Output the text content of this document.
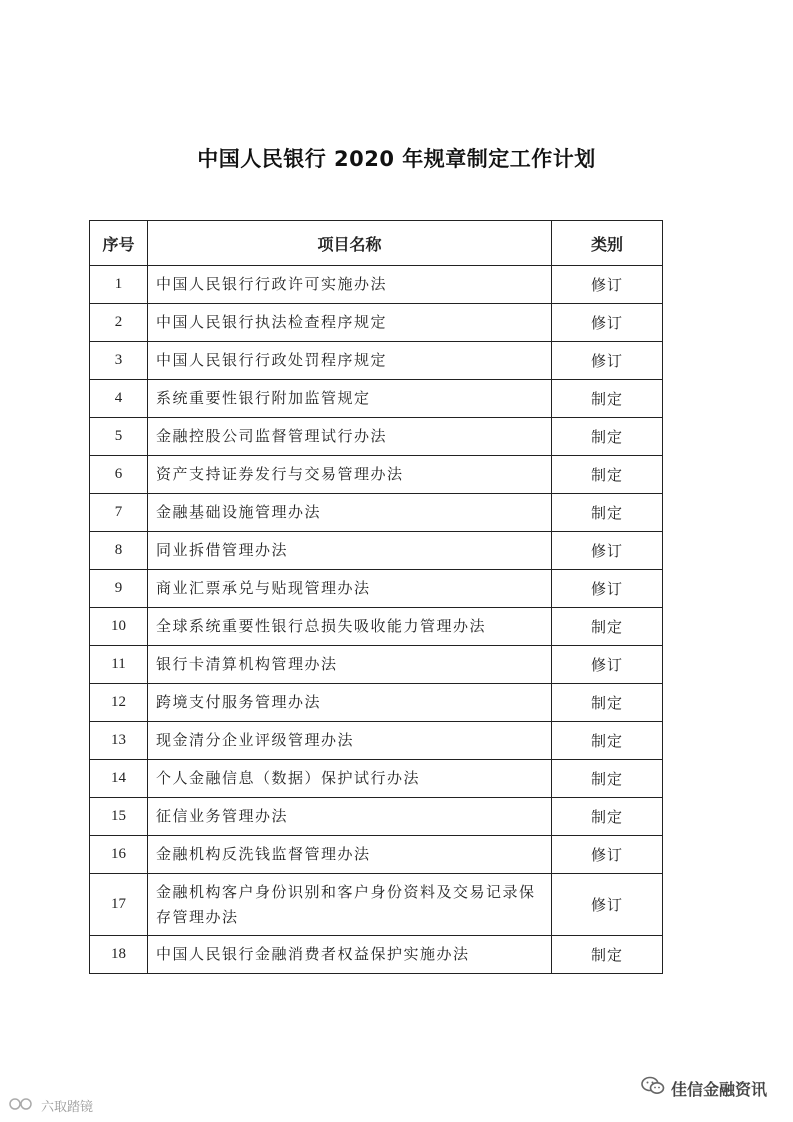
中国人民银行 2020 年规章制定工作计划
序号	项目名称	类别
1	中国人民银行行政许可实施办法	修订
2	中国人民银行执法检查程序规定	修订
3	中国人民银行行政处罚程序规定	修订
4	系统重要性银行附加监管规定	制定
5	金融控股公司监督管理试行办法	制定
6	资产支持证券发行与交易管理办法	制定
7	金融基础设施管理办法	制定
8	同业拆借管理办法	修订
9	商业汇票承兑与贴现管理办法	修订
10	全球系统重要性银行总损失吸收能力管理办法	制定
11	银行卡清算机构管理办法	修订
12	跨境支付服务管理办法	制定
13	现金清分企业评级管理办法	制定
14	个人金融信息（数据）保护试行办法	制定
15	征信业务管理办法	制定
16	金融机构反洗钱监督管理办法	修订
17	金融机构客户身份识别和客户身份资料及交易记录保存管理办法	修订
18	中国人民银行金融消费者权益保护实施办法	制定
佳信金融资讯
六取踏镜
